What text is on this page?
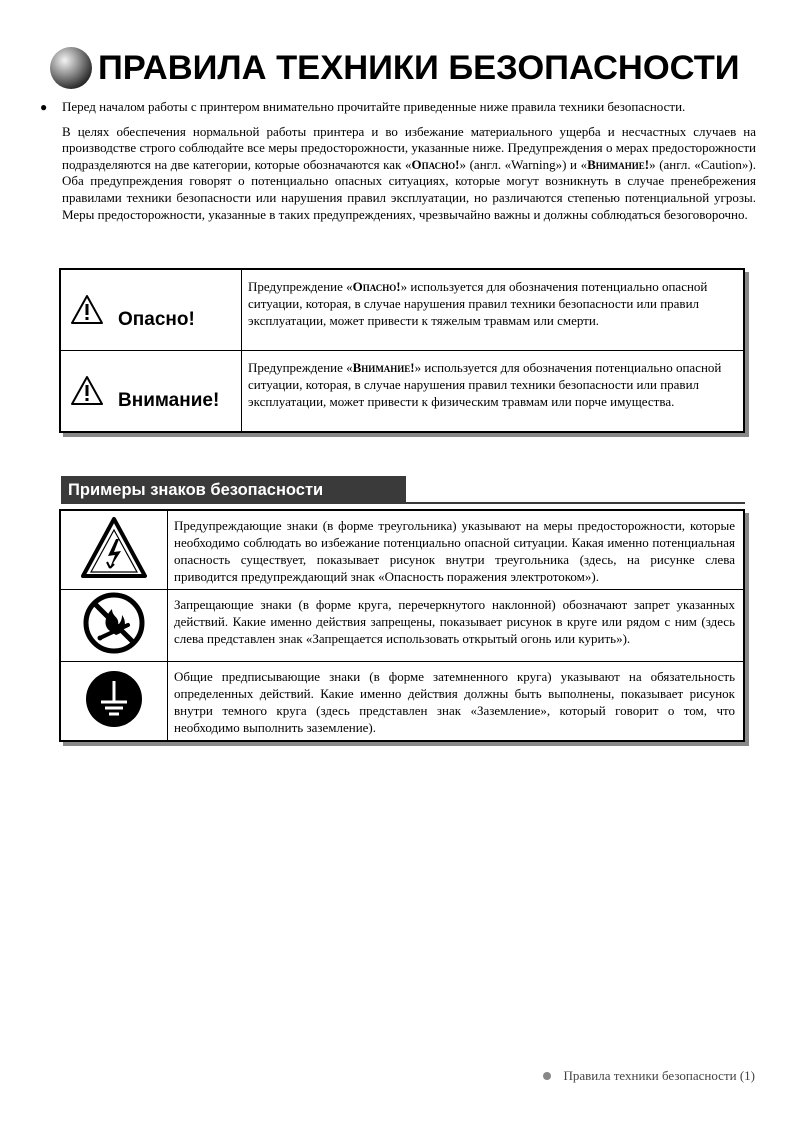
ПРАВИЛА ТЕХНИКИ БЕЗОПАСНОСТИ
●	Перед началом работы с принтером внимательно прочитайте приведенные ниже правила техники безопасности.
В целях обеспечения нормальной работы принтера и во избежание материального ущерба и несчастных случаев на производстве строго соблюдайте все меры предосторожности, указанные ниже. Предупреждения о мерах предосторожности подразделяются на две категории, которые обозначаются как «Опасно!» (англ. «Warning») и «Внимание!» (англ. «Caution»). Оба предупреждения говорят о потенциально опасных ситуациях, которые могут возникнуть в случае пренебрежения правилами техники безопасности или нарушения правил эксплуатации, но различаются степенью потенциальной угрозы. Меры предосторожности, указанные в таких предупреждениях, чрезвычайно важны и должны соблюдаться безоговорочно.
Опасно!	Предупреждение «Опасно!» используется для обозначения потенциально опасной ситуации, которая, в случае нарушения правил техники безопасности или правил эксплуатации, может привести к тяжелым травмам или смерти.

Внимание!	Предупреждение «Внимание!» используется для обозначения потенциально опасной ситуации, которая, в случае нарушения правил техники безопасности или правил эксплуатации, может привести к физическим травмам или порче имущества.
Примеры знаков безопасности
	Предупреждающие знаки (в форме треугольника) указывают на меры предосторожности, которые необходимо соблюдать во избежание потенциально опасной ситуации. Какая именно потенциальная опасность существует, показывает рисунок внутри треугольника (здесь, на рисунке слева приводится предупреждающий знак «Опасность поражения электротоком»).
	Запрещающие знаки (в форме круга, перечеркнутого наклонной) обозначают запрет указанных действий. Какие именно действия запрещены, показывает рисунок в круге или рядом с ним (здесь слева представлен знак «Запрещается использовать открытый огонь или курить»).
	Общие предписывающие знаки (в форме затемненного круга) указывают на обязательность определенных действий. Какие именно действия должны быть выполнены, показывает рисунок внутри темного круга (здесь представлен знак «Заземление», который говорит о том, что необходимо выполнить заземление).
Правила техники безопасности (1)
